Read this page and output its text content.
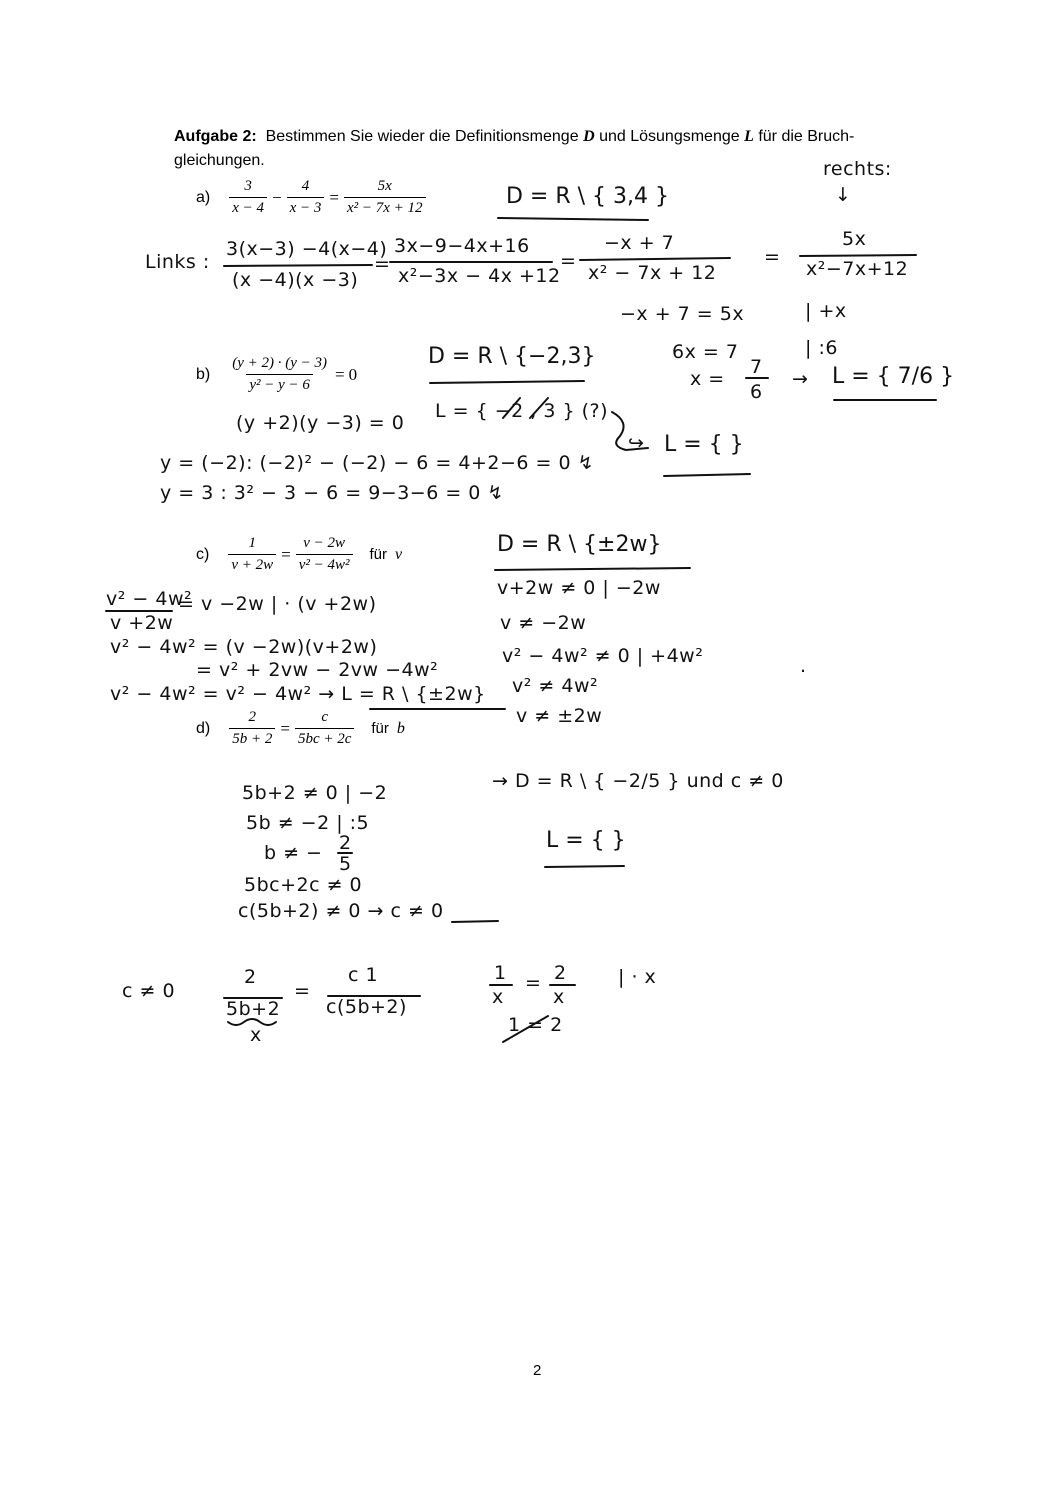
Aufgabe 2: Bestimmen Sie wieder die Definitionsmenge D und Lösungsmenge L für die Bruch-gleichungen.
$a) \frac{3}{x - 4} - \frac{4}{x - 3} = \frac{5x}{\text{x² − 7x + 12}}$
$b) \frac{(y + 2) \cdot (y - 3)}{\text{y² − y − 6}} = 0$
$c) \frac{1}{v + 2w} = \frac{v - 2w}{\text{v² − 4w²}}$ für v
$d) \frac{2}{5b + 2} = \frac{c}{5bc + 2c}$ für b
D = R \ { 3,4 }
rechts:
↓
Links :
3(x−3) −4(x−4)
(x −4)(x −3)
=
3x−9−4x+16
x²−3x − 4x +12
=
−x + 7
x² − 7x + 12
=
5x
x²−7x+12
−x + 7 = 5x	| +x
6x = 7	| :6
x =
7
6
→ L = { 7/6 }
D = R \ {−2,3}
L = { −2 , 3 } (?)
↪ L = { }
(y +2)(y −3) = 0
y = (−2): (−2)² − (−2) − 6 = 4+2−6 = 0 ↯
y = 3 : 3² − 3 − 6 = 9−3−6 = 0 ↯
D = R \ {±2w}
v+2w ≠ 0 | −2w
v ≠ −2w
v² − 4w² ≠ 0 | +4w²
v² ≠ 4w²
v ≠ ±2w
v² − 4w²
v +2w
= v −2w | · (v +2w)
v² − 4w² = (v −2w)(v+2w)
= v² + 2vw − 2vw −4w²
v² − 4w² = v² − 4w² → L = R \ {±2w}
.
5b+2 ≠ 0 | −2
5b ≠ −2 | :5
b ≠ − 2
5
5bc+2c ≠ 0
c(5b+2) ≠ 0 → c ≠ 0
→ D = R \ { −2/5 } und c ≠ 0
L = { }
c ≠ 0
2
5b+2
x
=
c 1
c(5b+2)
1
x
= 2
x
| · x
1 = 2
2
